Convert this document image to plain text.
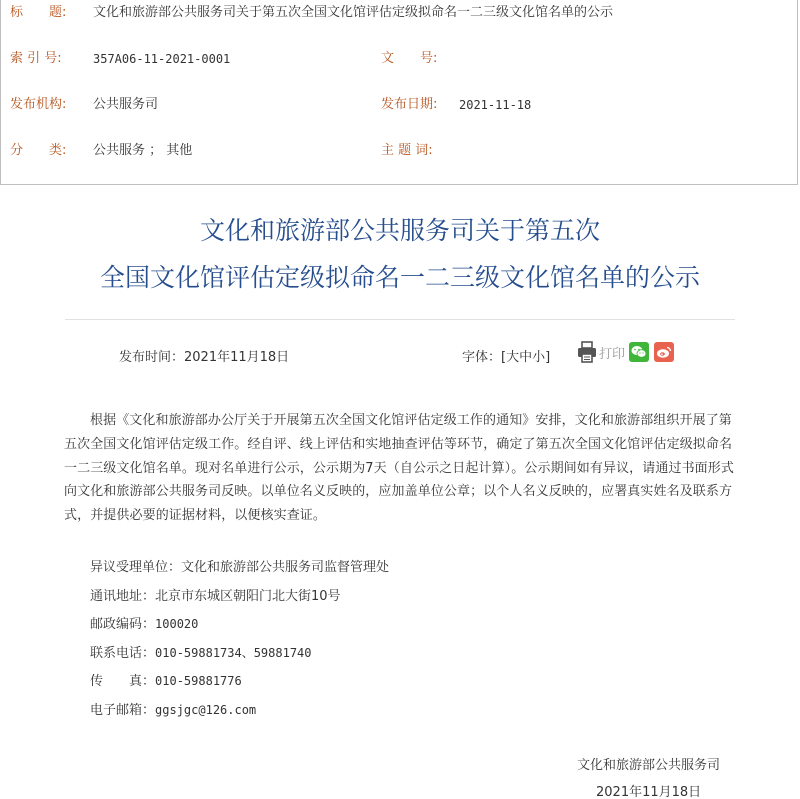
标　　题: 文化和旅游部公共服务司关于第五次全国文化馆评估定级拟命名一二三级文化馆名单的公示
索 引 号:	357A06-11-2021-0001	文　　号:
发布机构: 公共服务司	发布日期: 2021-11-18
分　　类: 公共服务 ； 其他	主 题 词:
文化和旅游部公共服务司关于第五次
全国文化馆评估定级拟命名一二三级文化馆名单的公示
发布时间：2021年11月18日	字体：[大中小]	打印

根据《文化和旅游部办公厅关于开展第五次全国文化馆评估定级工作的通知》安排，文化和旅游部组织开展了第五次全国文化馆评估定级工作。经自评、线上评估和实地抽查评估等环节，确定了第五次全国文化馆评估定级拟命名一二三级文化馆名单。现对名单进行公示，公示期为7天（自公示之日起计算）。公示期间如有异议，请通过书面形式向文化和旅游部公共服务司反映。以单位名义反映的，应加盖单位公章；以个人名义反映的，应署真实姓名及联系方式，并提供必要的证据材料，以便核实查证。

异议受理单位：文化和旅游部公共服务司监督管理处
通讯地址：北京市东城区朝阳门北大街10号
邮政编码：100020
联系电话：010-59881734、59881740
传　　真：010-59881776
电子邮箱：ggsjgc@126.com
文化和旅游部公共服务司
2021年11月18日
